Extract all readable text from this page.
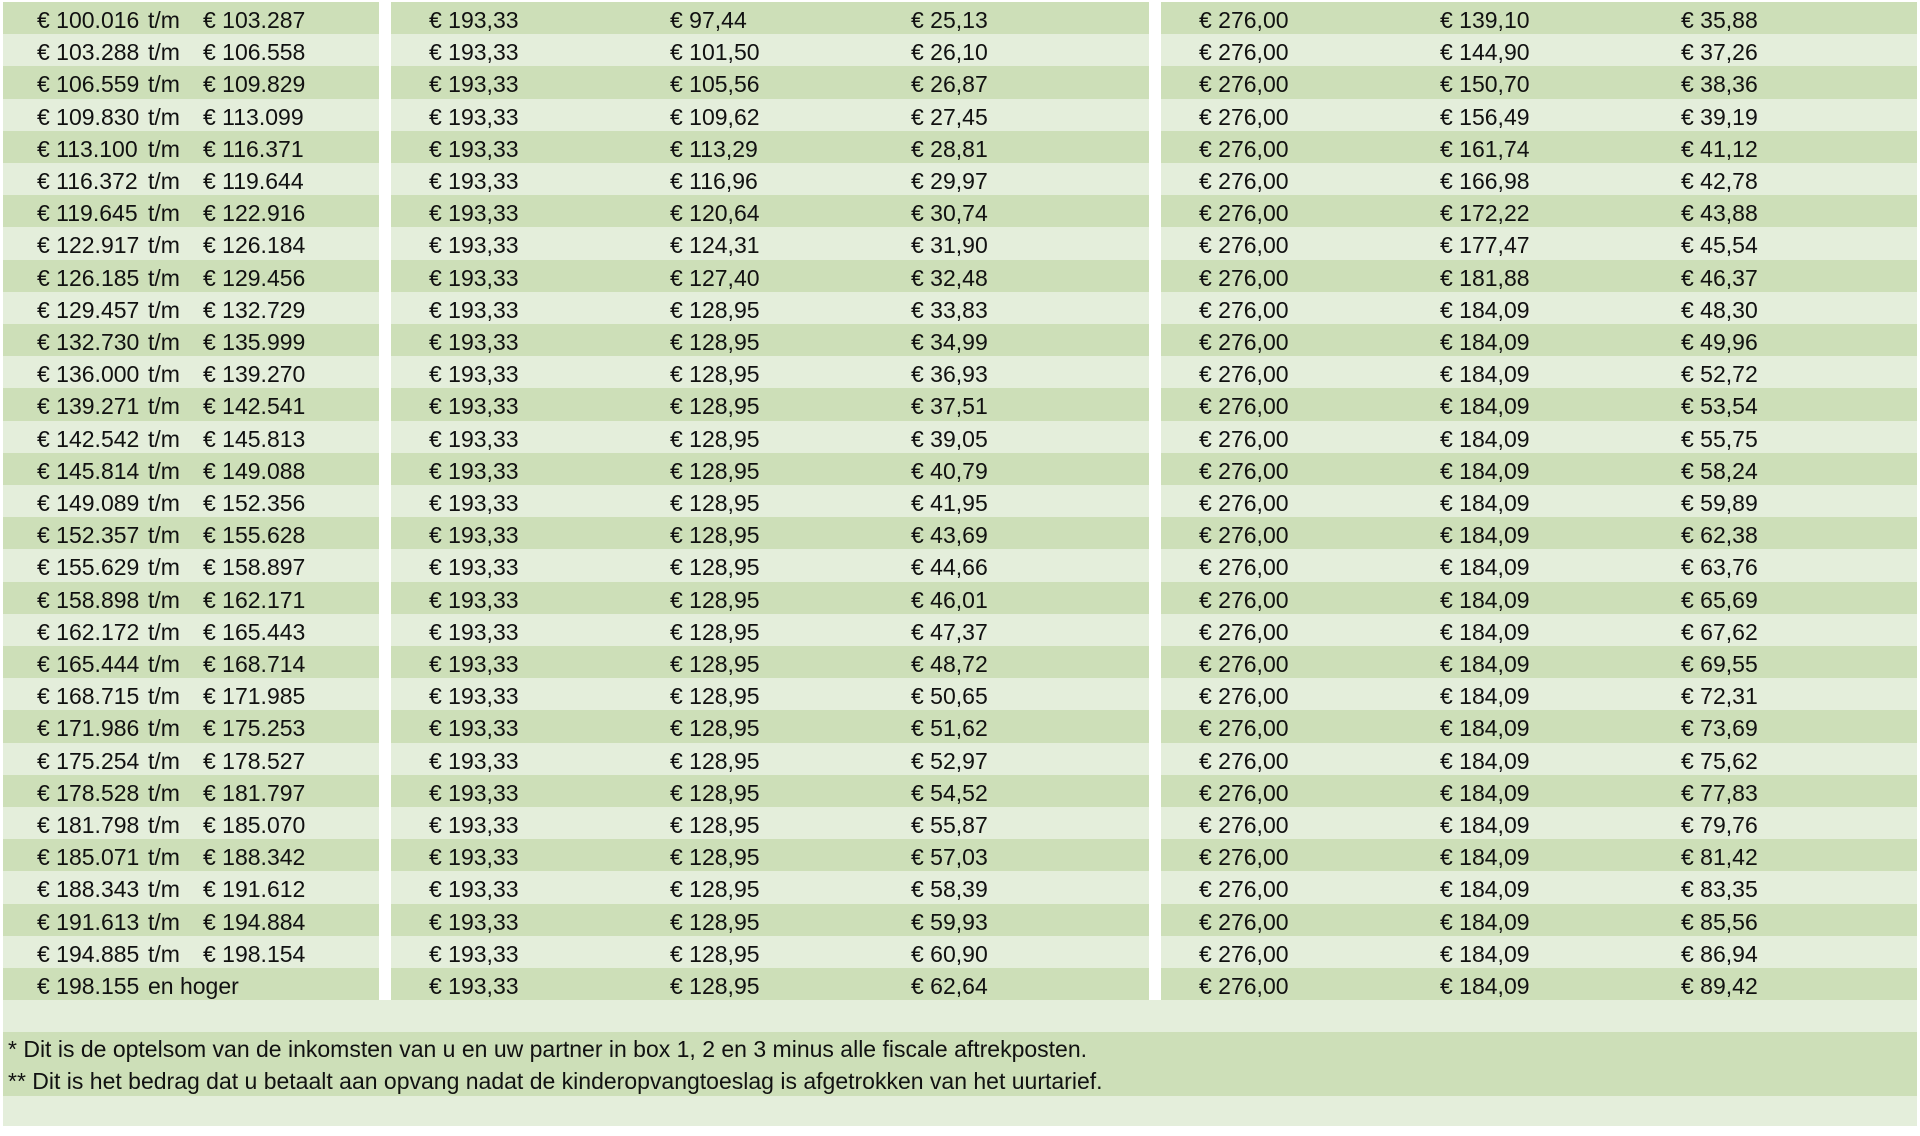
€ 100.016 t/m € 103.287	€ 193,33	€ 97,44	€ 25,13	€ 276,00	€ 139,10	€ 35,88
€ 103.288 t/m € 106.558	€ 193,33	€ 101,50	€ 26,10	€ 276,00	€ 144,90	€ 37,26
€ 106.559 t/m € 109.829	€ 193,33	€ 105,56	€ 26,87	€ 276,00	€ 150,70	€ 38,36
€ 109.830 t/m € 113.099	€ 193,33	€ 109,62	€ 27,45	€ 276,00	€ 156,49	€ 39,19
€ 113.100 t/m € 116.371	€ 193,33	€ 113,29	€ 28,81	€ 276,00	€ 161,74	€ 41,12
€ 116.372 t/m € 119.644	€ 193,33	€ 116,96	€ 29,97	€ 276,00	€ 166,98	€ 42,78
€ 119.645 t/m € 122.916	€ 193,33	€ 120,64	€ 30,74	€ 276,00	€ 172,22	€ 43,88
€ 122.917 t/m € 126.184	€ 193,33	€ 124,31	€ 31,90	€ 276,00	€ 177,47	€ 45,54
€ 126.185 t/m € 129.456	€ 193,33	€ 127,40	€ 32,48	€ 276,00	€ 181,88	€ 46,37
€ 129.457 t/m € 132.729	€ 193,33	€ 128,95	€ 33,83	€ 276,00	€ 184,09	€ 48,30
€ 132.730 t/m € 135.999	€ 193,33	€ 128,95	€ 34,99	€ 276,00	€ 184,09	€ 49,96
€ 136.000 t/m € 139.270	€ 193,33	€ 128,95	€ 36,93	€ 276,00	€ 184,09	€ 52,72
€ 139.271 t/m € 142.541	€ 193,33	€ 128,95	€ 37,51	€ 276,00	€ 184,09	€ 53,54
€ 142.542 t/m € 145.813	€ 193,33	€ 128,95	€ 39,05	€ 276,00	€ 184,09	€ 55,75
€ 145.814 t/m € 149.088	€ 193,33	€ 128,95	€ 40,79	€ 276,00	€ 184,09	€ 58,24
€ 149.089 t/m € 152.356	€ 193,33	€ 128,95	€ 41,95	€ 276,00	€ 184,09	€ 59,89
€ 152.357 t/m € 155.628	€ 193,33	€ 128,95	€ 43,69	€ 276,00	€ 184,09	€ 62,38
€ 155.629 t/m € 158.897	€ 193,33	€ 128,95	€ 44,66	€ 276,00	€ 184,09	€ 63,76
€ 158.898 t/m € 162.171	€ 193,33	€ 128,95	€ 46,01	€ 276,00	€ 184,09	€ 65,69
€ 162.172 t/m € 165.443	€ 193,33	€ 128,95	€ 47,37	€ 276,00	€ 184,09	€ 67,62
€ 165.444 t/m € 168.714	€ 193,33	€ 128,95	€ 48,72	€ 276,00	€ 184,09	€ 69,55
€ 168.715 t/m € 171.985	€ 193,33	€ 128,95	€ 50,65	€ 276,00	€ 184,09	€ 72,31
€ 171.986 t/m € 175.253	€ 193,33	€ 128,95	€ 51,62	€ 276,00	€ 184,09	€ 73,69
€ 175.254 t/m € 178.527	€ 193,33	€ 128,95	€ 52,97	€ 276,00	€ 184,09	€ 75,62
€ 178.528 t/m € 181.797	€ 193,33	€ 128,95	€ 54,52	€ 276,00	€ 184,09	€ 77,83
€ 181.798 t/m € 185.070	€ 193,33	€ 128,95	€ 55,87	€ 276,00	€ 184,09	€ 79,76
€ 185.071 t/m € 188.342	€ 193,33	€ 128,95	€ 57,03	€ 276,00	€ 184,09	€ 81,42
€ 188.343 t/m € 191.612	€ 193,33	€ 128,95	€ 58,39	€ 276,00	€ 184,09	€ 83,35
€ 191.613 t/m € 194.884	€ 193,33	€ 128,95	€ 59,93	€ 276,00	€ 184,09	€ 85,56
€ 194.885 t/m € 198.154	€ 193,33	€ 128,95	€ 60,90	€ 276,00	€ 184,09	€ 86,94
€ 198.155 en hoger	€ 193,33	€ 128,95	€ 62,64	€ 276,00	€ 184,09	€ 89,42
* Dit is de optelsom van de inkomsten van u en uw partner in box 1, 2 en 3 minus alle fiscale aftrekposten.
** Dit is het bedrag dat u betaalt aan opvang nadat de kinderopvangtoeslag is afgetrokken van het uurtarief.
